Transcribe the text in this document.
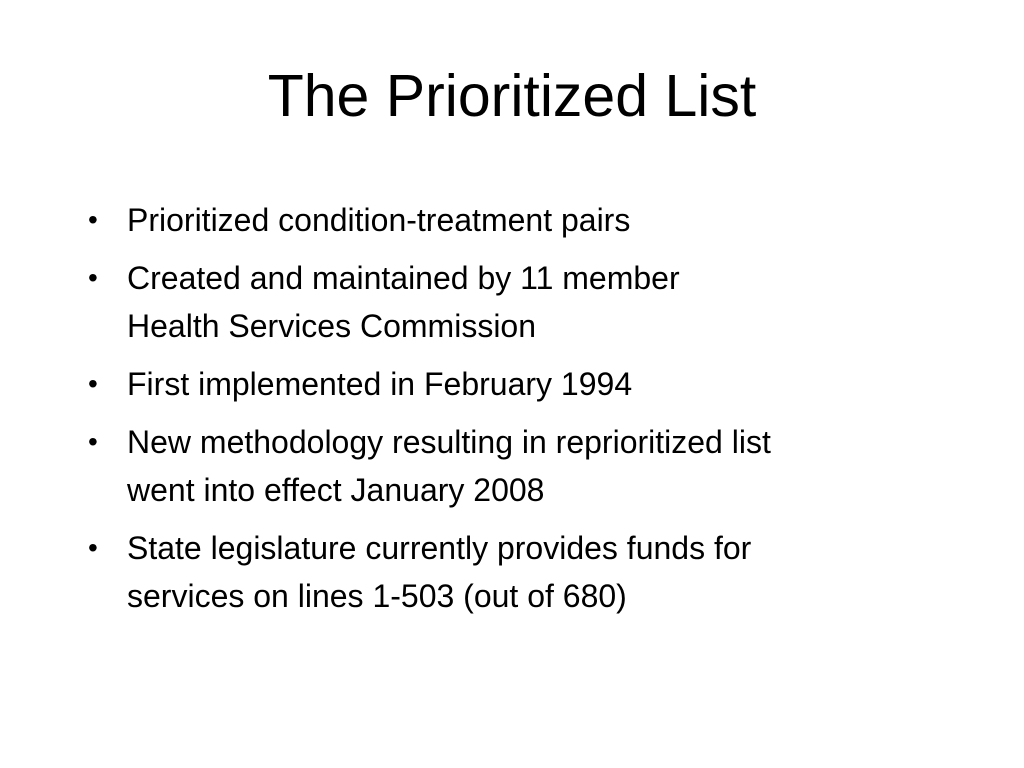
The Prioritized List
• Prioritized condition-treatment pairs
• Created and maintained by 11 member
Health Services Commission
• First implemented in February 1994
• New methodology resulting in reprioritized list
went into effect January 2008
• State legislature currently provides funds for
services on lines 1-503 (out of 680)
